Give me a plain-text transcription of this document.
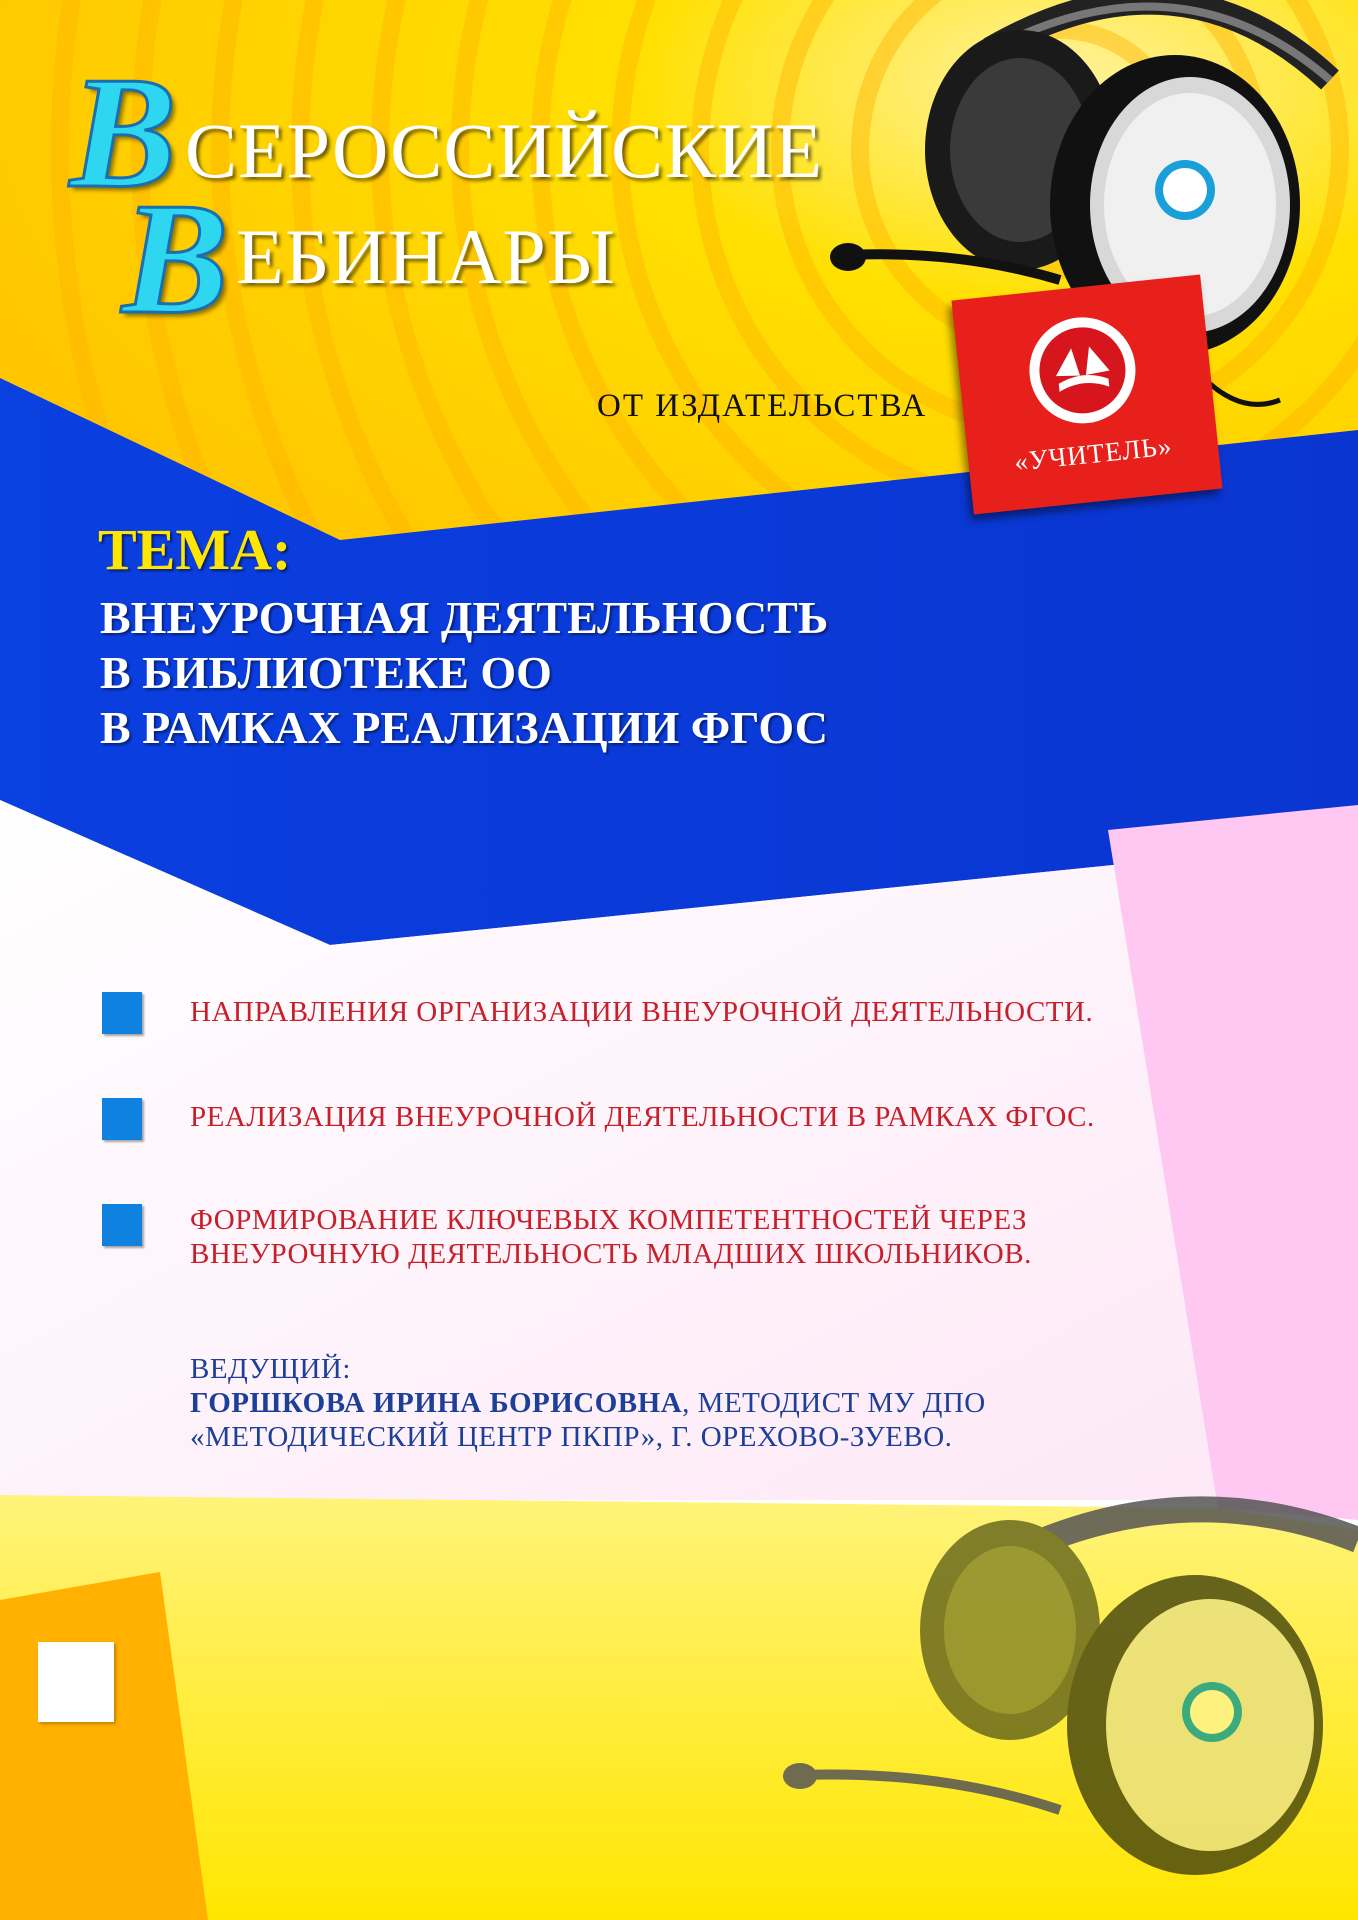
В СЕРОССИЙСКИЕ
В ЕБИНАРЫ
ОТ ИЗДАТЕЛЬСТВА
«УЧИТЕЛЬ»
ТЕМА:
ВНЕУРОЧНАЯ ДЕЯТЕЛЬНОСТЬ
В БИБЛИОТЕКЕ ОО
В РАМКАХ РЕАЛИЗАЦИИ ФГОС
НАПРАВЛЕНИЯ ОРГАНИЗАЦИИ ВНЕУРОЧНОЙ ДЕЯТЕЛЬНОСТИ.
РЕАЛИЗАЦИЯ ВНЕУРОЧНОЙ ДЕЯТЕЛЬНОСТИ В РАМКАХ ФГОС.
ФОРМИРОВАНИЕ КЛЮЧЕВЫХ КОМПЕТЕНТНОСТЕЙ ЧЕРЕЗ
ВНЕУРОЧНУЮ ДЕЯТЕЛЬНОСТЬ МЛАДШИХ ШКОЛЬНИКОВ.
ВЕДУЩИЙ:
ГОРШКОВА ИРИНА БОРИСОВНА, МЕТОДИСТ МУ ДПО
«МЕТОДИЧЕСКИЙ ЦЕНТР ПКПР», Г. ОРЕХОВО-ЗУЕВО.
